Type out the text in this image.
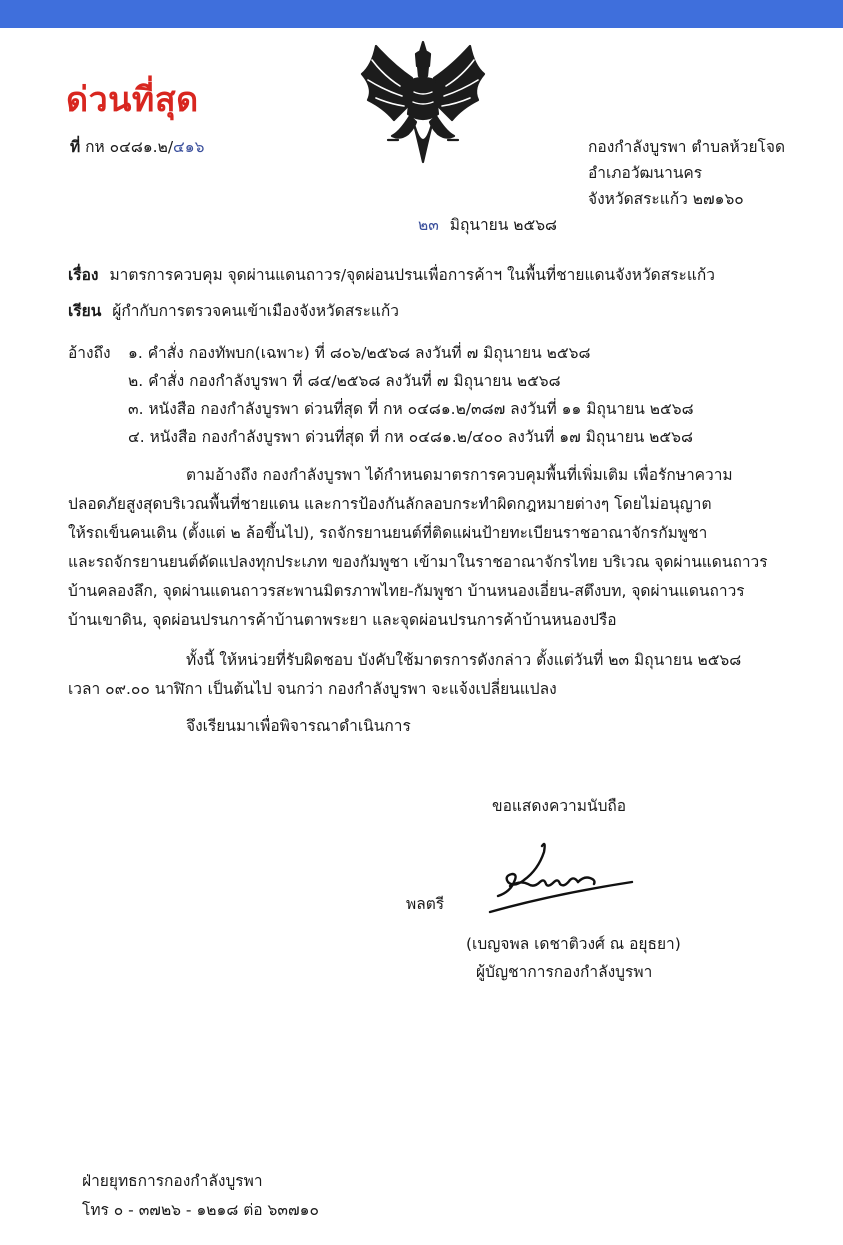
ด่วนที่สุด
ที่ กห ๐๔๘๑.๒/๔๑๖	กองกำลังบูรพา ตำบลห้วยโจด
อำเภอวัฒนานคร
จังหวัดสระแก้ว ๒๗๑๖๐
๒๓ มิถุนายน ๒๕๖๘
เรื่อง มาตรการควบคุม จุดผ่านแดนถาวร/จุดผ่อนปรนเพื่อการค้าฯ ในพื้นที่ชายแดนจังหวัดสระแก้ว
เรียน ผู้กำกับการตรวจคนเข้าเมืองจังหวัดสระแก้ว
อ้างถึง ๑. คำสั่ง กองทัพบก(เฉพาะ) ที่ ๘๐๖/๒๕๖๘ ลงวันที่ ๗ มิถุนายน ๒๕๖๘
๒. คำสั่ง กองกำลังบูรพา ที่ ๘๔/๒๕๖๘ ลงวันที่ ๗ มิถุนายน ๒๕๖๘
๓. หนังสือ กองกำลังบูรพา ด่วนที่สุด ที่ กห ๐๔๘๑.๒/๓๘๗ ลงวันที่ ๑๑ มิถุนายน ๒๕๖๘
๔. หนังสือ กองกำลังบูรพา ด่วนที่สุด ที่ กห ๐๔๘๑.๒/๔๐๐ ลงวันที่ ๑๗ มิถุนายน ๒๕๖๘
ตามอ้างถึง กองกำลังบูรพา ได้กำหนดมาตรการควบคุมพื้นที่เพิ่มเติม เพื่อรักษาความ
ปลอดภัยสูงสุดบริเวณพื้นที่ชายแดน และการป้องกันลักลอบกระทำผิดกฎหมายต่างๆ โดยไม่อนุญาต
ให้รถเข็นคนเดิน (ตั้งแต่ ๒ ล้อขึ้นไป), รถจักรยานยนต์ที่ติดแผ่นป้ายทะเบียนราชอาณาจักรกัมพูชา
และรถจักรยานยนต์ดัดแปลงทุกประเภท ของกัมพูชา เข้ามาในราชอาณาจักรไทย บริเวณ จุดผ่านแดนถาวร
บ้านคลองลึก, จุดผ่านแดนถาวรสะพานมิตรภาพไทย-กัมพูชา บ้านหนองเอี่ยน-สตึงบท, จุดผ่านแดนถาวร
บ้านเขาดิน, จุดผ่อนปรนการค้าบ้านตาพระยา และจุดผ่อนปรนการค้าบ้านหนองปรือ
ทั้งนี้ ให้หน่วยที่รับผิดชอบ บังคับใช้มาตรการดังกล่าว ตั้งแต่วันที่ ๒๓ มิถุนายน ๒๕๖๘
เวลา ๐๙.๐๐ นาฬิกา เป็นต้นไป จนกว่า กองกำลังบูรพา จะแจ้งเปลี่ยนแปลง
จึงเรียนมาเพื่อพิจารณาดำเนินการ
ขอแสดงความนับถือ
พลตรี
(เบญจพล เดชาติวงศ์ ณ อยุธยา)
ผู้บัญชาการกองกำลังบูรพา
ฝ่ายยุทธการกองกำลังบูรพา
โทร ๐ - ๓๗๒๖ - ๑๒๑๘ ต่อ ๖๓๗๑๐
